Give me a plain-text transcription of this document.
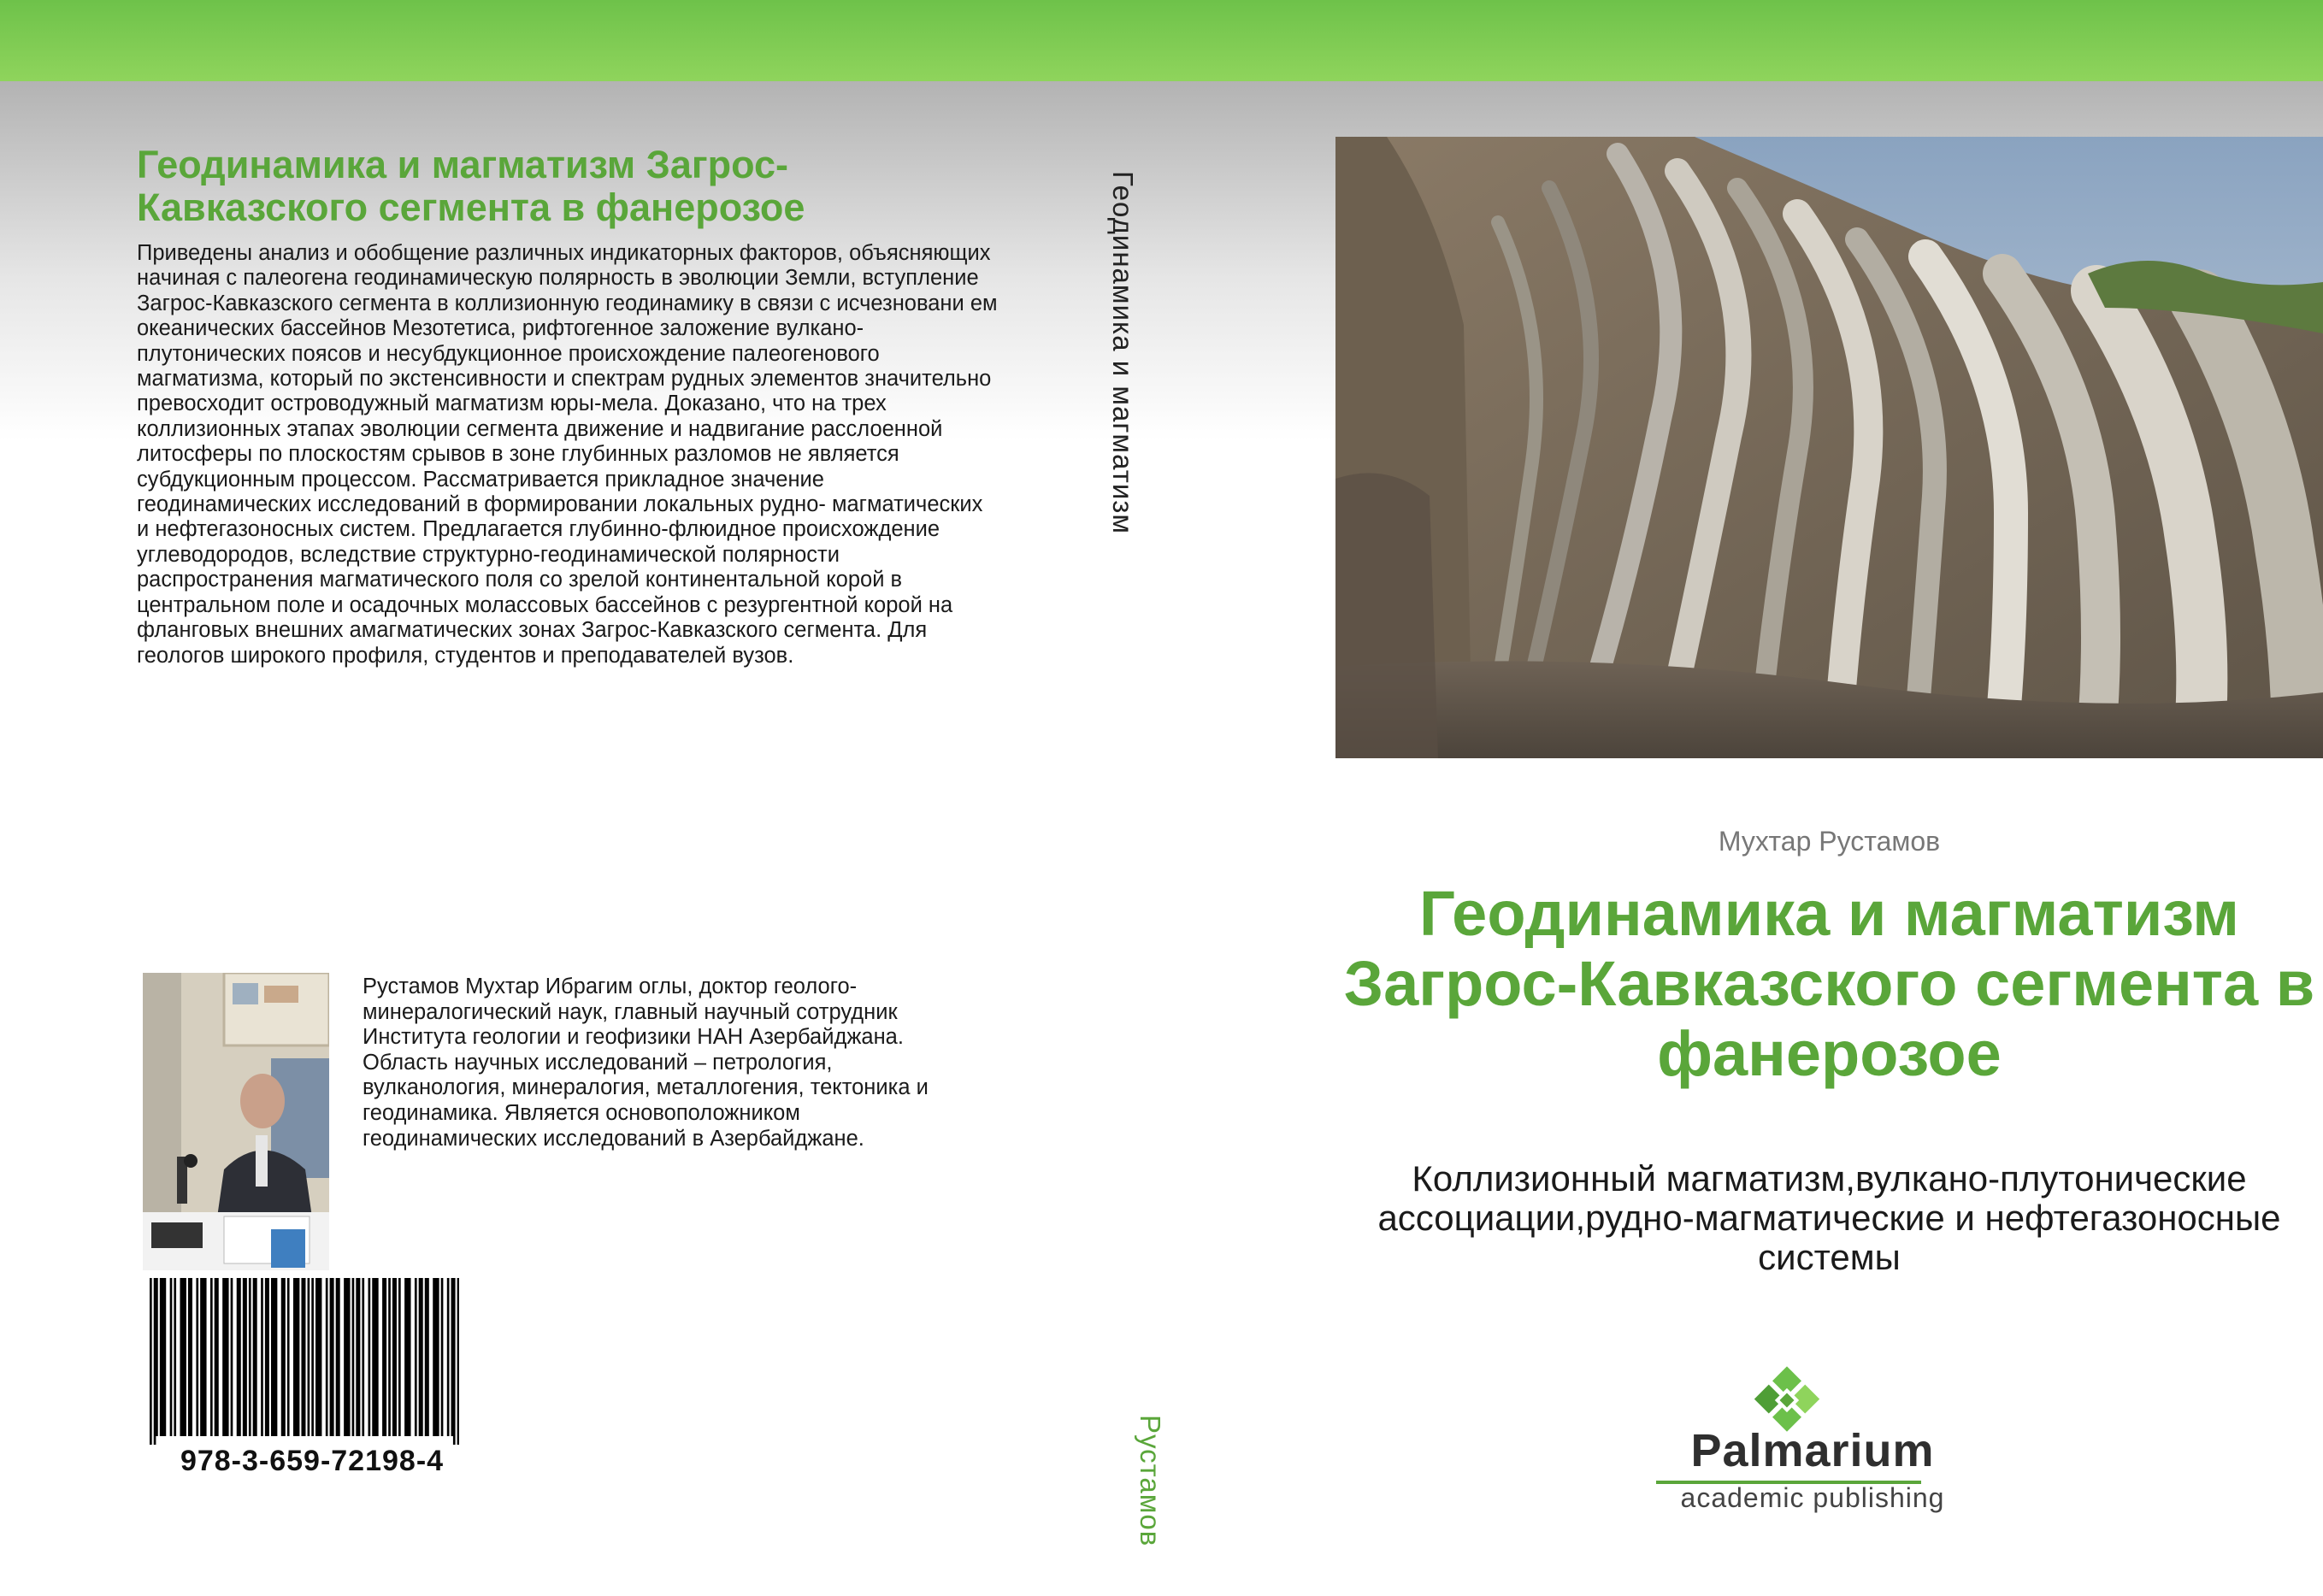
Геодинамика и магматизм Загрос-Кавказского сегмента в фанерозое

Приведены анализ и обобщение различных индикаторных факторов, объясняющих начиная с палеогена геодинамическую полярность в эволюции Земли, вступление Загрос-Кавказского сегмента в коллизионную геодинамику в связи с исчезновани ем океанических бассейнов Мезотетиса, рифтогенное заложение вулкано- плутонических поясов и несубдукционное происхождение палеогенового магматизма, который по экстенсивности и спектрам рудных элементов значительно превосходит островодужный магматизм юры-мела. Доказано, что на трех коллизионных этапах эволюции сегмента движение и надвигание расслоенной литосферы по плоскостям срывов в зоне глубинных разломов не является субдукционным процессом. Рассматривается прикладное значение геодинамических исследований в формировании локальных рудно- магматических и нефтегазоносных систем. Предлагается глубинно-флюидное происхождение углеводородов, вследствие структурно-геодинамической полярности распространения магматического поля со зрелой континентальной корой в центральном поле и осадочных молассовых бассейнов с резургентной корой на фланговых внешних амагматических зонах Загрос-Кавказского сегмента. Для геологов широкого профиля, студентов и преподавателей вузов.

Рустамов Мухтар Ибрагим оглы, доктор геолого-минералогический наук, главный научный сотрудник Института геологии и геофизики НАН Азербайджана. Область научных исследований – петрология, вулканология, минералогия, металлогения, тектоника и геодинамика. Является основоположником геодинамических исследований в Азербайджане.

978-3-659-72198-4
Геодинамика и магматизм
Рустамов
Мухтар Рустамов
Геодинамика и магматизм Загрос-Кавказского сегмента в фанерозое

Коллизионный магматизм,вулкано-плутонические ассоциации,рудно-магматические и нефтегазоносные системы

Palmarium
academic publishing
